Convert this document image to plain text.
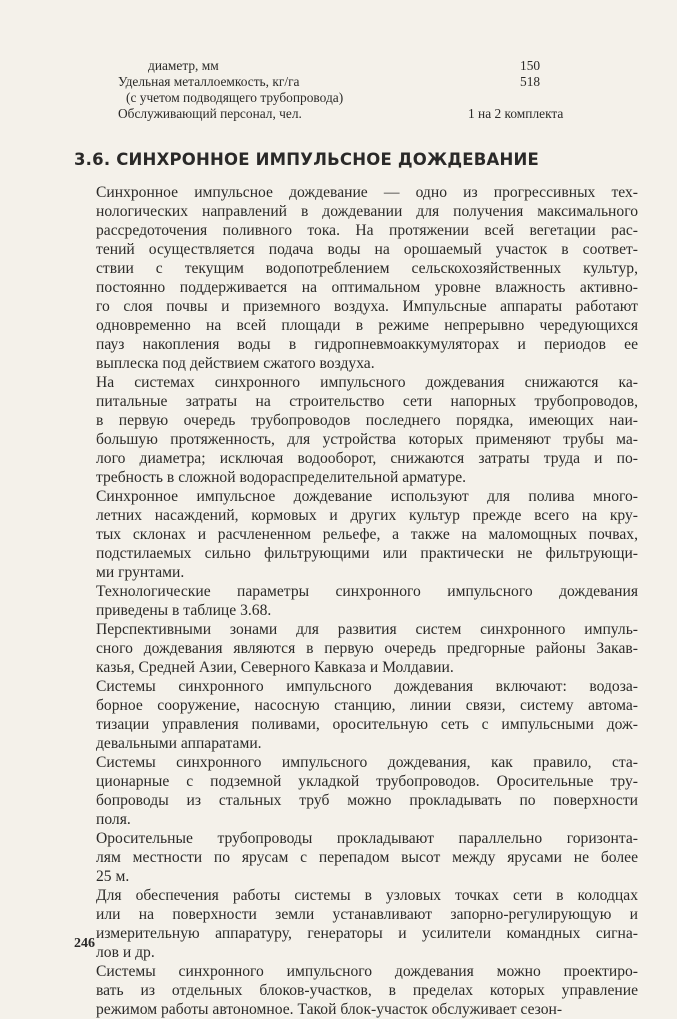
диаметр, мм	150
Удельная металлоемкость, кг/га	518
(с учетом подводящего трубопровода)
Обслуживающий персонал, чел.	1 на 2 комплекта
3.6. СИНХРОННОЕ ИМПУЛЬСНОЕ ДОЖДЕВАНИЕ
Синхронное импульсное дождевание — одно из прогрессивных тех-
нологических направлений в дождевании для получения максимального
рассредоточения поливного тока. На протяжении всей вегетации рас-
тений осуществляется подача воды на орошаемый участок в соответ-
ствии с текущим водопотреблением сельскохозяйственных культур,
постоянно поддерживается на оптимальном уровне влажность активно-
го слоя почвы и приземного воздуха. Импульсные аппараты работают
одновременно на всей площади в режиме непрерывно чередующихся
пауз накопления воды в гидропневмоаккумуляторах и периодов ее
выплеска под действием сжатого воздуха.
На системах синхронного импульсного дождевания снижаются ка-
питальные затраты на строительство сети напорных трубопроводов,
в первую очередь трубопроводов последнего порядка, имеющих наи-
большую протяженность, для устройства которых применяют трубы ма-
лого диаметра; исключая водооборот, снижаются затраты труда и по-
требность в сложной водораспределительной арматуре.
Синхронное импульсное дождевание используют для полива много-
летних насаждений, кормовых и других культур прежде всего на кру-
тых склонах и расчлененном рельефе, а также на маломощных почвах,
подстилаемых сильно фильтрующими или практически не фильтрующи-
ми грунтами.
Технологические параметры синхронного импульсного дождевания
приведены в таблице 3.68.
Перспективными зонами для развития систем синхронного импуль-
сного дождевания являются в первую очередь предгорные районы Закав-
казья, Средней Азии, Северного Кавказа и Молдавии.
Системы синхронного импульсного дождевания включают: водоза-
борное сооружение, насосную станцию, линии связи, систему автома-
тизации управления поливами, оросительную сеть с импульсными дож-
девальными аппаратами.
Системы синхронного импульсного дождевания, как правило, ста-
ционарные с подземной укладкой трубопроводов. Оросительные тру-
бопроводы из стальных труб можно прокладывать по поверхности
поля.
Оросительные трубопроводы прокладывают параллельно горизонта-
лям местности по ярусам с перепадом высот между ярусами не более
25 м.
Для обеспечения работы системы в узловых точках сети в колодцах
или на поверхности земли устанавливают запорно-регулирующую и
измерительную аппаратуру, генераторы и усилители командных сигна-
лов и др.
Системы синхронного импульсного дождевания можно проектиро-
вать из отдельных блоков-участков, в пределах которых управление
режимом работы автономное. Такой блок-участок обслуживает сезон-
246
